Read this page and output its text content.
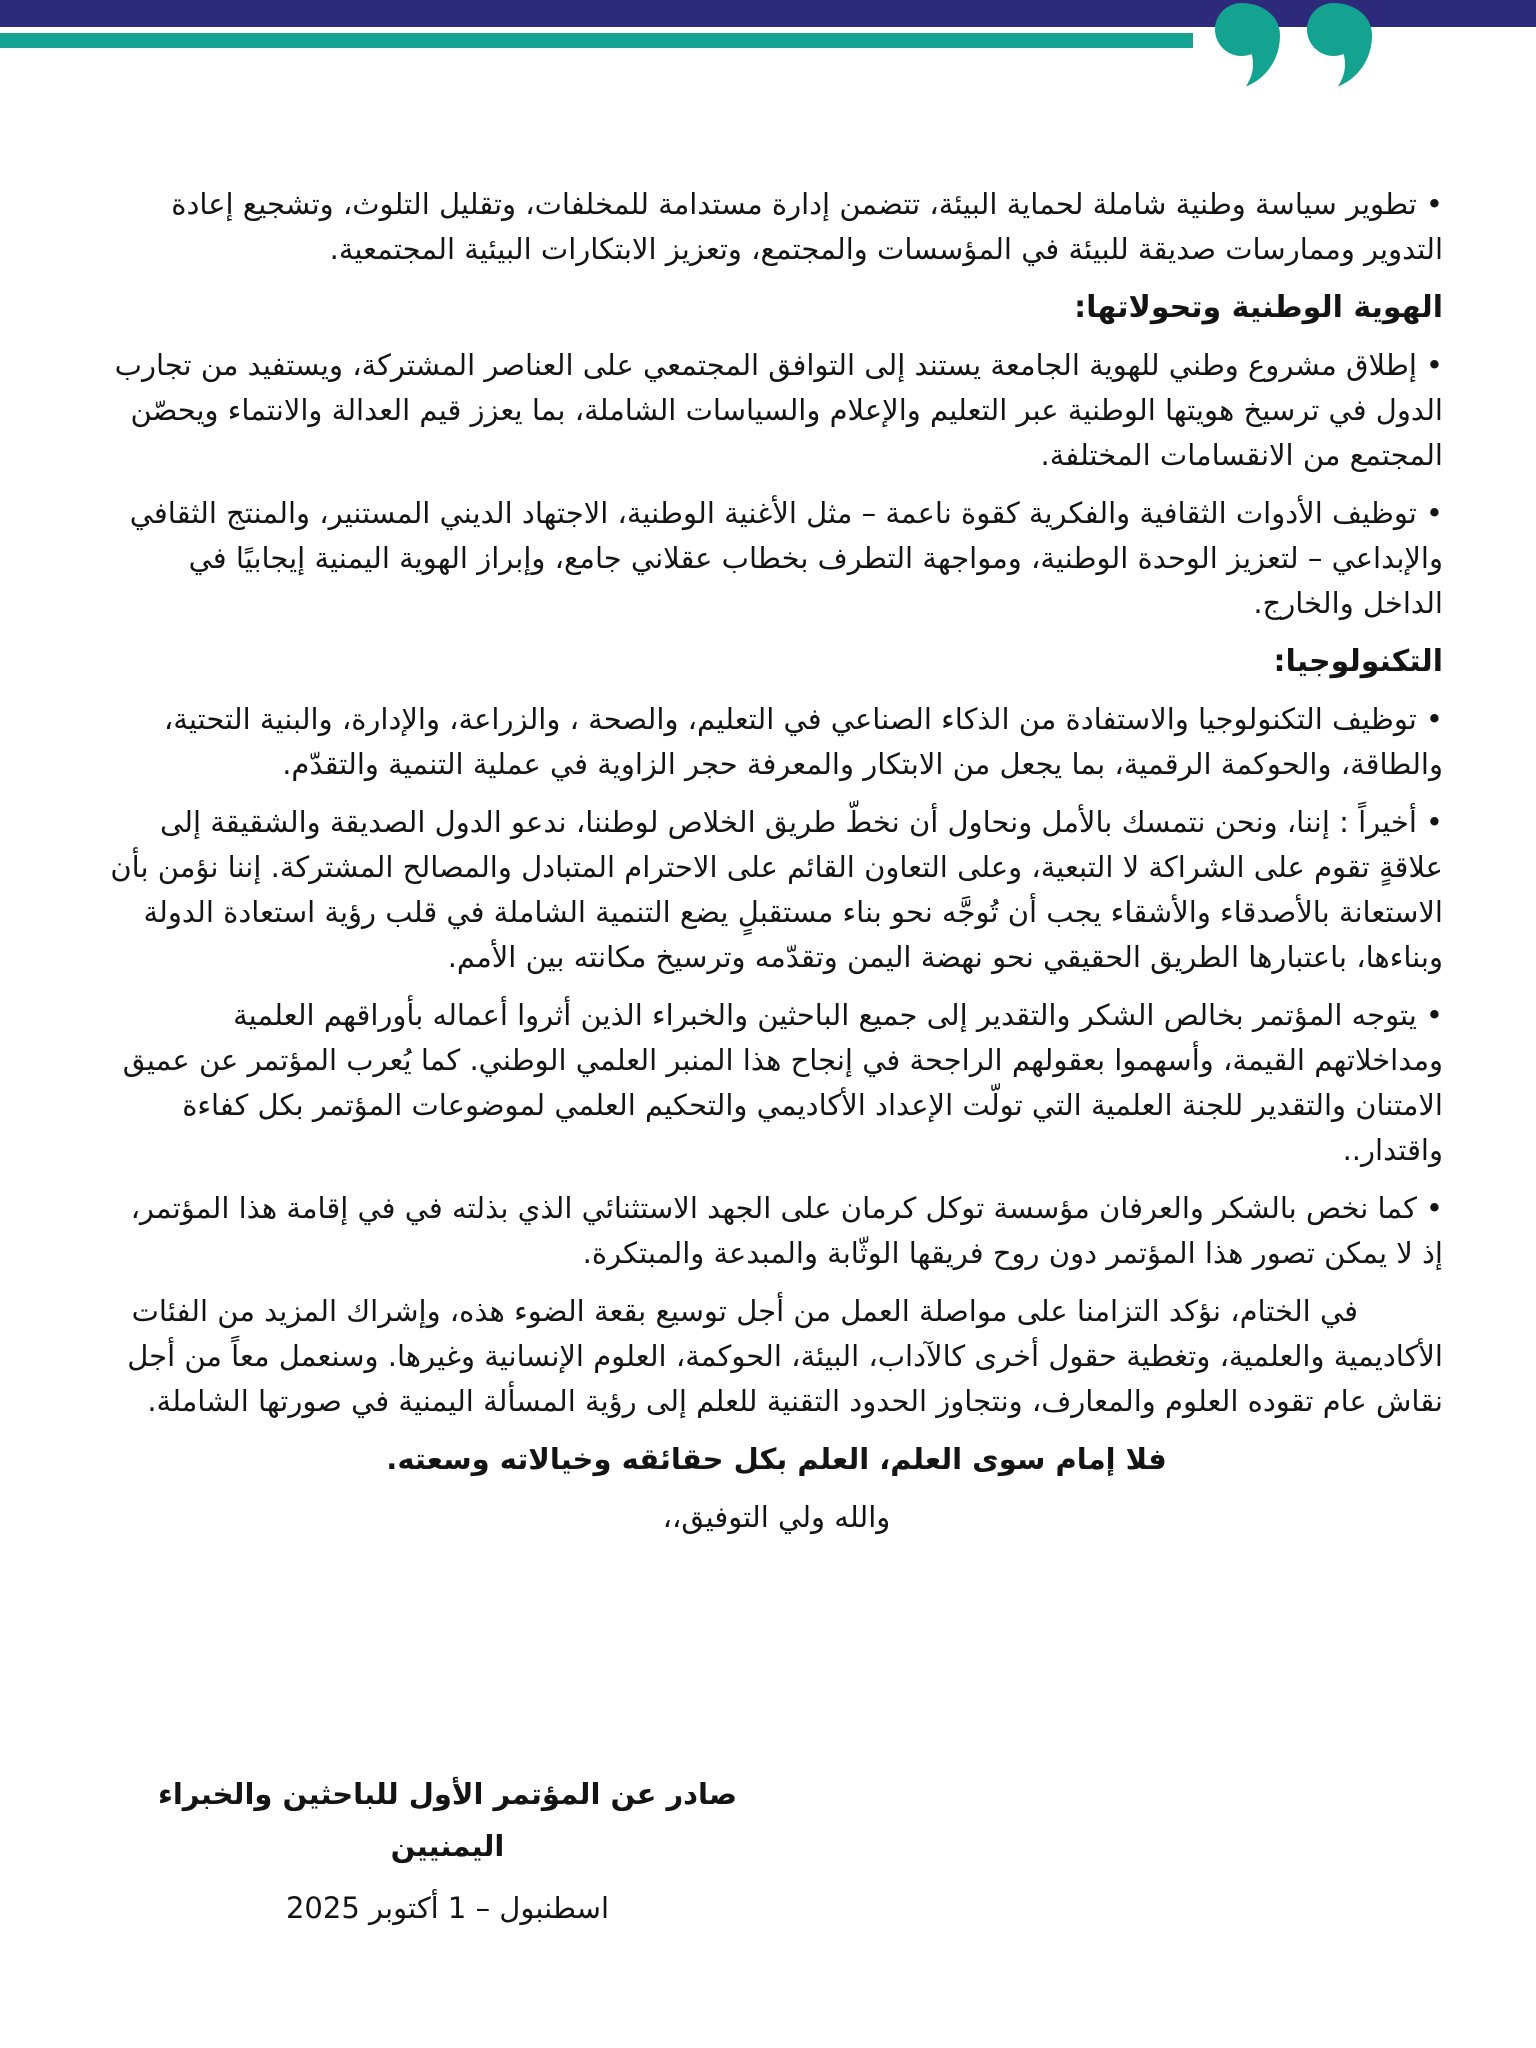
•تطوير سياسة وطنية شاملة لحماية البيئة، تتضمن إدارة مستدامة للمخلفات، وتقليل التلوث، وتشجيع إعادة التدوير وممارسات صديقة للبيئة في المؤسسات والمجتمع، وتعزيز الابتكارات البيئية المجتمعية.

الهوية الوطنية وتحولاتها:

•إطلاق مشروع وطني للهوية الجامعة يستند إلى التوافق المجتمعي على العناصر المشتركة، ويستفيد من تجارب الدول في ترسيخ هويتها الوطنية عبر التعليم والإعلام والسياسات الشاملة، بما يعزز قيم العدالة والانتماء ويحصّن المجتمع من الانقسامات المختلفة.

•توظيف الأدوات الثقافية والفكرية كقوة ناعمة – مثل الأغنية الوطنية، الاجتهاد الديني المستنير، والمنتج الثقافي والإبداعي – لتعزيز الوحدة الوطنية، ومواجهة التطرف بخطاب عقلاني جامع، وإبراز الهوية اليمنية إيجابيًا في الداخل والخارج.

التكنولوجيا:

•توظيف التكنولوجيا والاستفادة من الذكاء الصناعي في التعليم، والصحة ، والزراعة، والإدارة، والبنية التحتية، والطاقة، والحوكمة الرقمية، بما يجعل من الابتكار والمعرفة حجر الزاوية في عملية التنمية والتقدّم.

•أخيراً : إننا، ونحن نتمسك بالأمل ونحاول أن نخطّ طريق الخلاص لوطننا، ندعو الدول الصديقة والشقيقة إلى علاقةٍ تقوم على الشراكة لا التبعية، وعلى التعاون القائم على الاحترام المتبادل والمصالح المشتركة. إننا نؤمن بأن الاستعانة بالأصدقاء والأشقاء يجب أن تُوجَّه نحو بناء مستقبلٍ يضع التنمية الشاملة في قلب رؤية استعادة الدولة وبناءها، باعتبارها الطريق الحقيقي نحو نهضة اليمن وتقدّمه وترسيخ مكانته بين الأمم.

•يتوجه المؤتمر بخالص الشكر والتقدير إلى جميع الباحثين والخبراء الذين أثروا أعماله بأوراقهم العلمية ومداخلاتهم القيمة، وأسهموا بعقولهم الراجحة في إنجاح هذا المنبر العلمي الوطني. كما يُعرب المؤتمر عن عميق الامتنان والتقدير للجنة العلمية التي تولّت الإعداد الأكاديمي والتحكيم العلمي لموضوعات المؤتمر بكل كفاءة واقتدار..

•كما نخص بالشكر والعرفان مؤسسة توكل كرمان على الجهد الاستثنائي الذي بذلته في في إقامة هذا المؤتمر، إذ لا يمكن تصور هذا المؤتمر دون روح فريقها الوثّابة والمبدعة والمبتكرة.

في الختام، نؤكد التزامنا على مواصلة العمل من أجل توسيع بقعة الضوء هذه، وإشراك المزيد من الفئات الأكاديمية والعلمية، وتغطية حقول أخرى كالآداب، البيئة، الحوكمة، العلوم الإنسانية وغيرها. وسنعمل معاً من أجل نقاش عام تقوده العلوم والمعارف، ونتجاوز الحدود التقنية للعلم إلى رؤية المسألة اليمنية في صورتها الشاملة.

فلا إمام سوى العلم، العلم بكل حقائقه وخيالاته وسعته.

والله ولي التوفيق،،

صادر عن المؤتمر الأول للباحثين والخبراء اليمنيين

اسطنبول – 1 أكتوبر 2025
